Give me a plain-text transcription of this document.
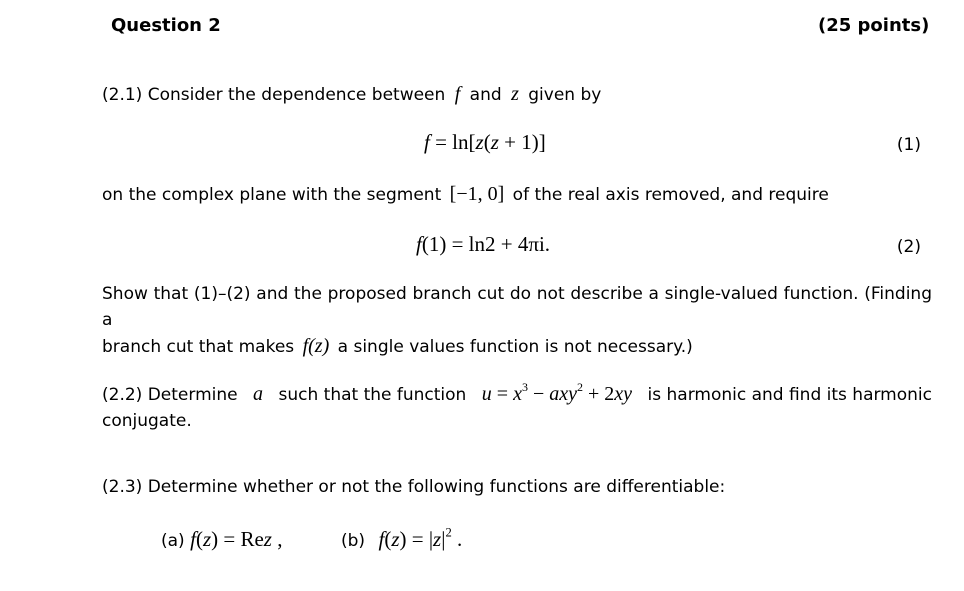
Question 2	(25 points)
(2.1) Consider the dependence between f and z given by
f = ln[z(z + 1)]	(1)
on the complex plane with the segment [−1, 0] of the real axis removed, and require
f(1) = ln2 + 4πi.	(2)
Show that (1)–(2) and the proposed branch cut do not describe a single-valued function. (Finding a
branch cut that makes f(z) a single values function is not necessary.)
(2.2) Determine a such that the function $u = x^3 - axy^2 + 2xy$ is harmonic and find its harmonic
conjugate.
(2.3) Determine whether or not the following functions are differentiable:
(a) f(z) = Rez ,	(b) $f(z) = |z|^2$ .
